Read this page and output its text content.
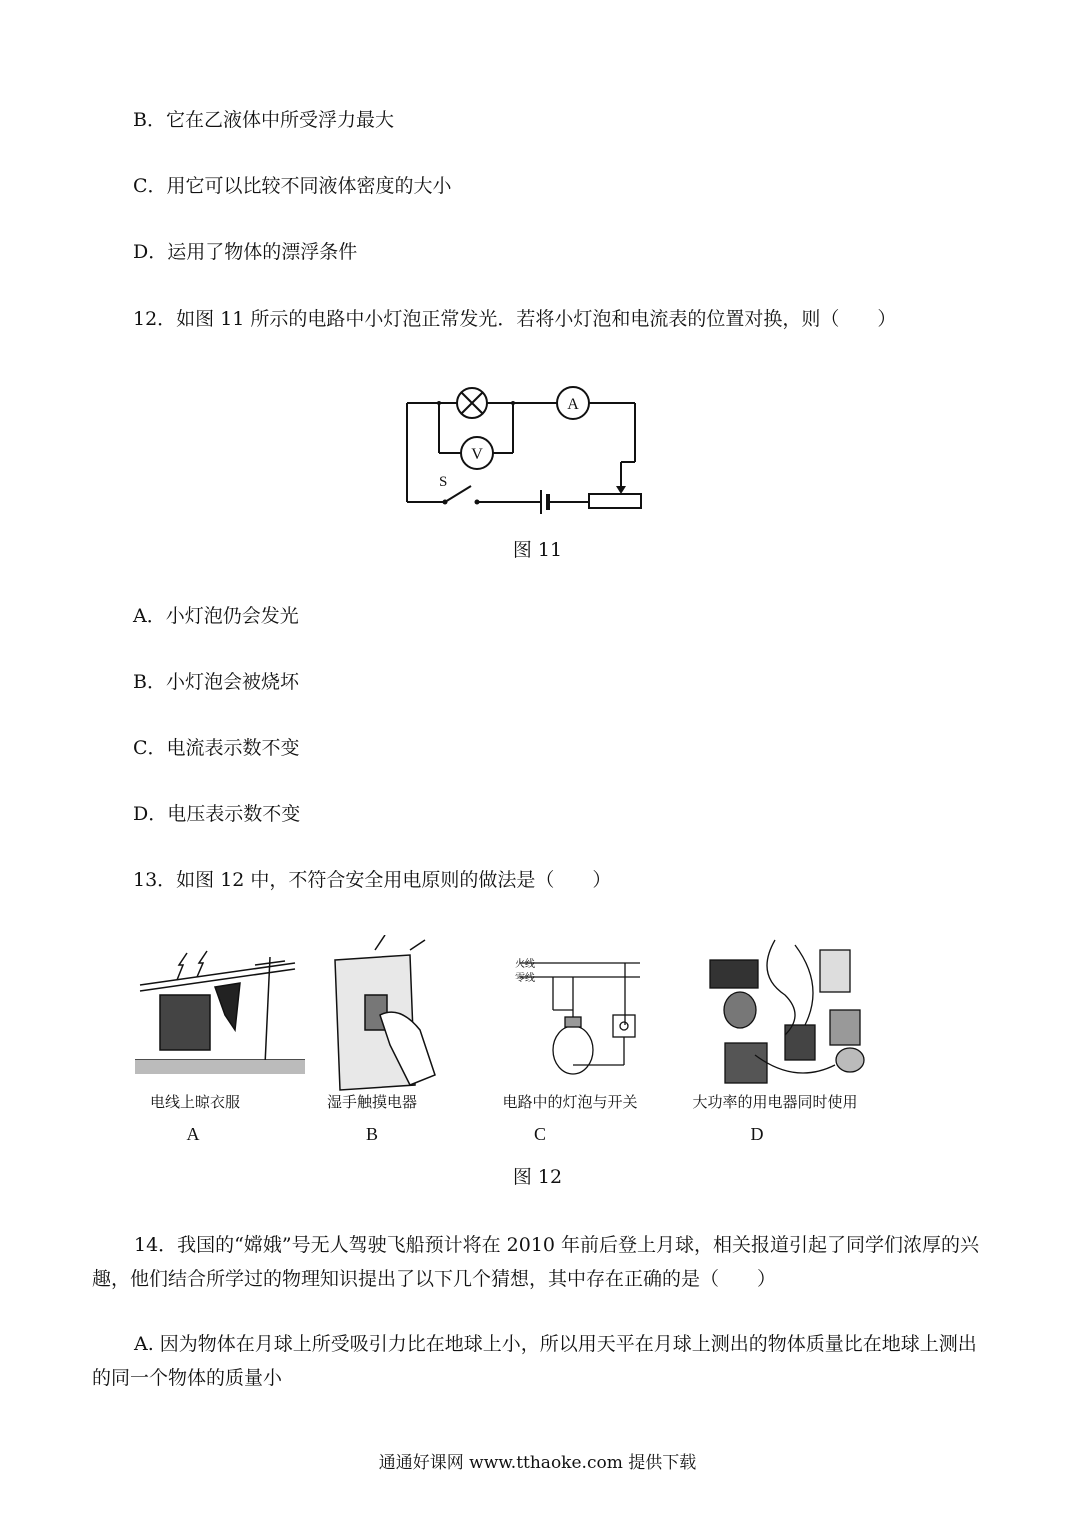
B．它在乙液体中所受浮力最大
C．用它可以比较不同液体密度的大小
D．运用了物体的漂浮条件
12．如图 11 所示的电路中小灯泡正常发光．若将小灯泡和电流表的位置对换，则（　　）
A
V
S
图 11
A．小灯泡仍会发光
B．小灯泡会被烧坏
C．电流表示数不变
D．电压表示数不变
13．如图 12 中，不符合安全用电原则的做法是（　　）
电线上晾衣服
A
湿手触摸电器
B
火线
零线
电路中的灯泡与开关
C
大功率的用电器同时使用
D
图 12
14．我国的“嫦娥”号无人驾驶飞船预计将在 2010 年前后登上月球，相关报道引起了同学们浓厚的兴趣，他们结合所学过的物理知识提出了以下几个猜想，其中存在正确的是（　　）
A. 因为物体在月球上所受吸引力比在地球上小，所以用天平在月球上测出的物体质量比在地球上测出的同一个物体的质量小
通通好课网 www.tthaoke.com 提供下载
